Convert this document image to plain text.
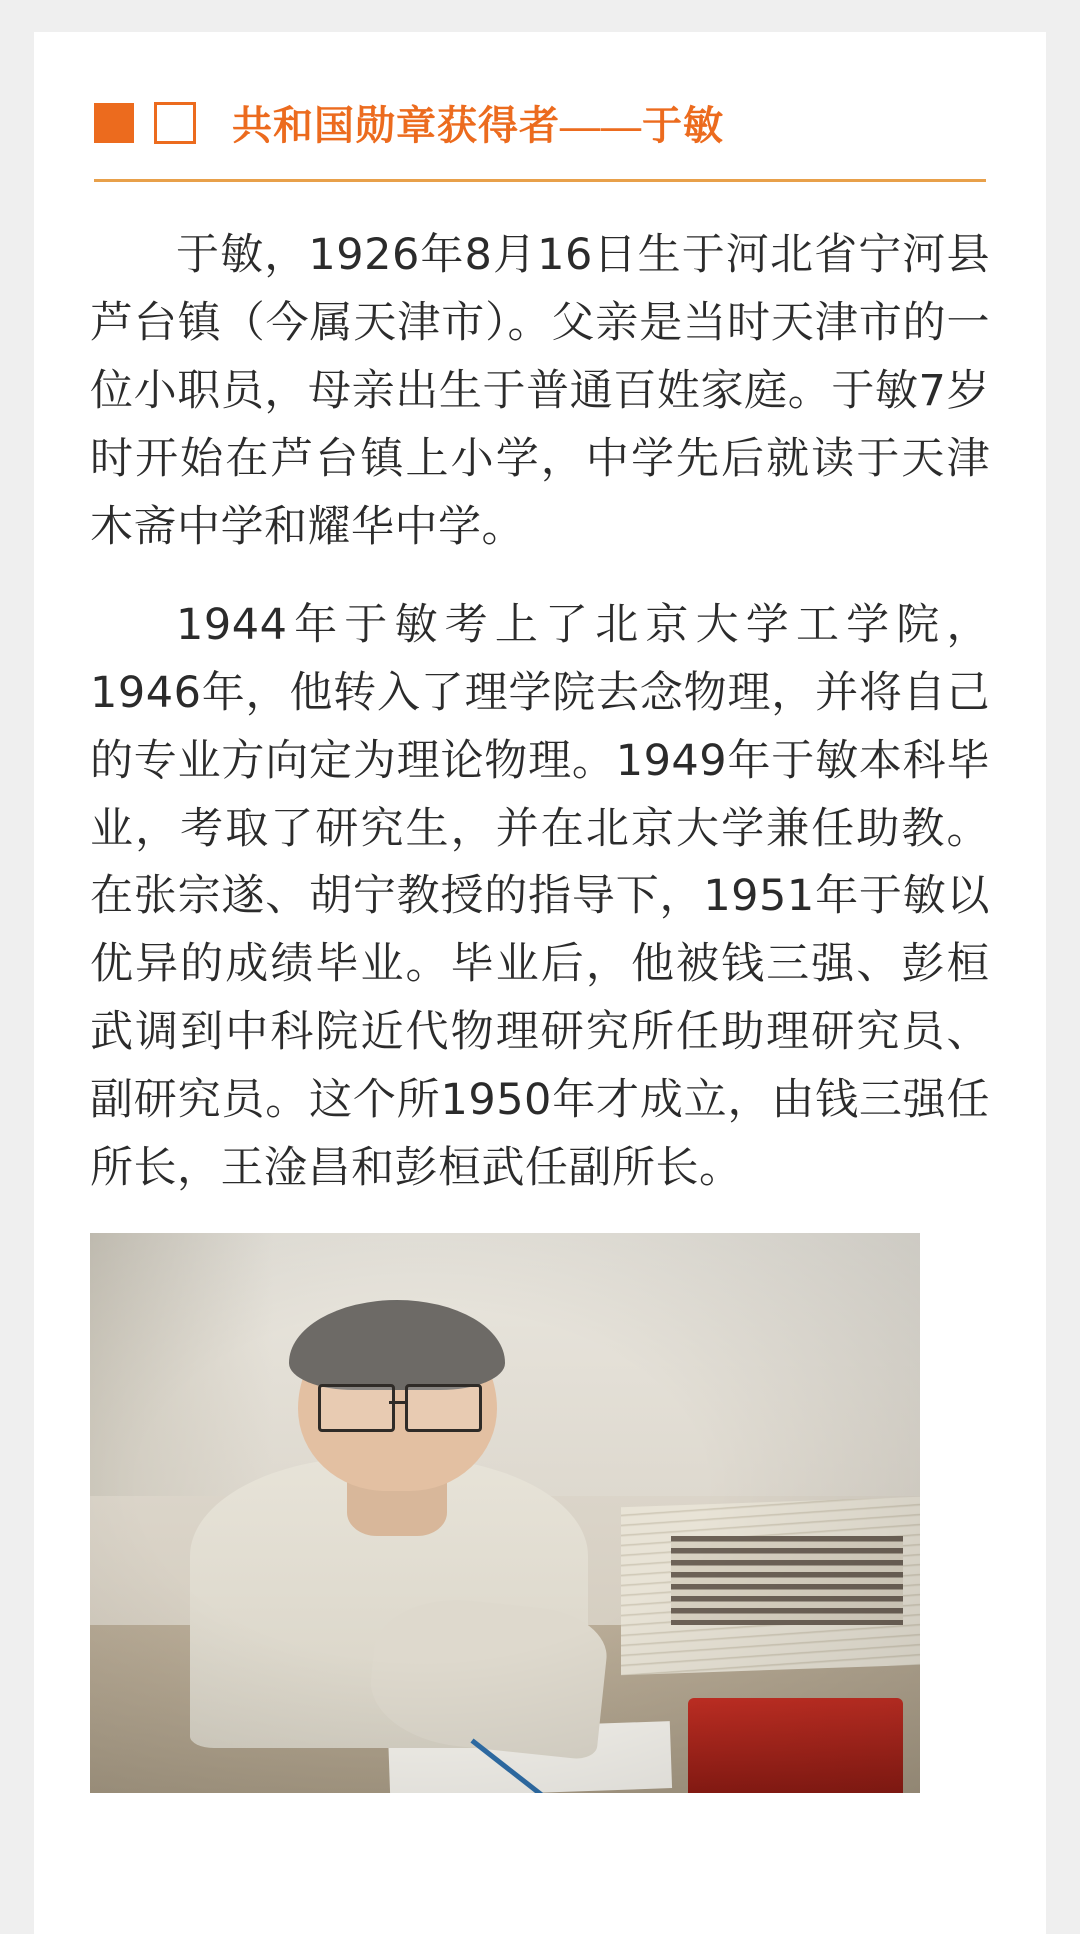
共和国勋章获得者——于敏

于敏，1926年8月16日生于河北省宁河县芦台镇（今属天津市）。父亲是当时天津市的一位小职员，母亲出生于普通百姓家庭。于敏7岁时开始在芦台镇上小学，中学先后就读于天津木斋中学和耀华中学。

1944年于敏考上了北京大学工学院，1946年，他转入了理学院去念物理，并将自己的专业方向定为理论物理。1949年于敏本科毕业，考取了研究生，并在北京大学兼任助教。在张宗遂、胡宁教授的指导下，1951年于敏以优异的成绩毕业。毕业后，他被钱三强、彭桓武调到中科院近代物理研究所任助理研究员、副研究员。这个所1950年才成立，由钱三强任所长，王淦昌和彭桓武任副所长。
